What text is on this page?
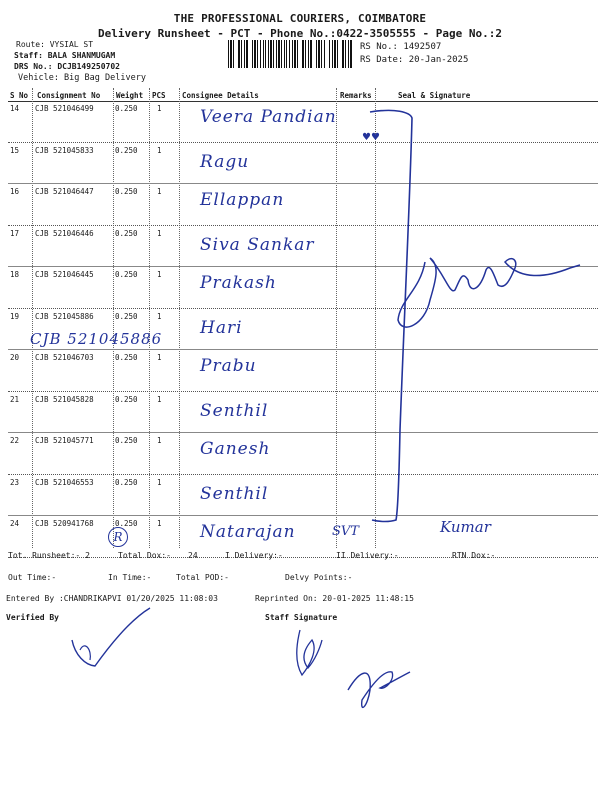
THE PROFESSIONAL COURIERS, COIMBATORE
Delivery Runsheet - PCT - Phone No.:0422-3505555 - Page No.:2
Route: VYSIAL ST
Staff: BALA SHANMUGAM
DRS No.: DCJB149250702
Vehicle: Big Bag Delivery
RS No.: 1492507
RS Date: 20-Jan-2025
S No Consignment No Weight PCS Consignee Details	Remarks	Seal & Signature
14 CJB 521046499	0.250	1 Veera Pandian
15 CJB 521045833	0.250	1
Ragu
16 CJB 521046447	0.250	1 Ellappan
17 CJB 521046446	0.250	1
Siva Sankar
18 CJB 521046445	0.250	1 Prakash
19 CJB 521045886	0.250	1
Hari
20 CJB 521046703	0.250	1 Prabu
21 CJB 521045828	0.250	1
Senthil
22 CJB 521045771	0.250	1 Ganesh
23 CJB 521046553	0.250	1
Senthil
24 CJB 520941768	0.250	1 Natarajan
CJB 521045886
R	SVT	Kumar
♥♥
Tot. Runsheet:- 2	Total Dox:- 24	I Delivery:-	II Delivery:-	RTN Dox:-
Out Time:-	In Time:-	Total POD:-	Delvy Points:-
Entered By :CHANDRIKAPVI 01/20/2025 11:08:03	Reprinted On: 20-01-2025 11:48:15
Verified By	Staff Signature
